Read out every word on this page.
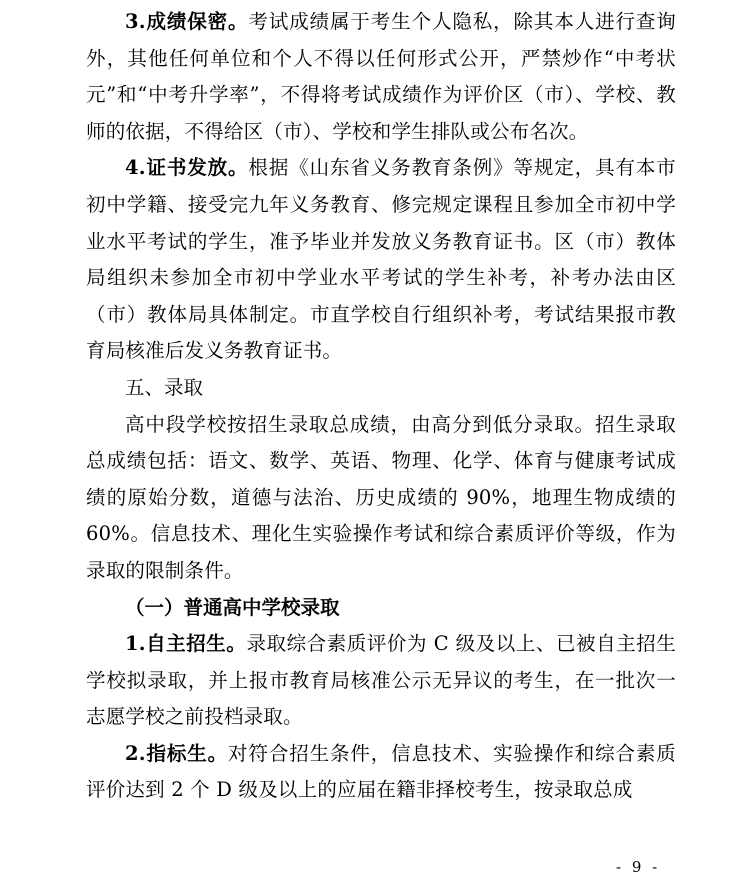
3.成绩保密。考试成绩属于考生个人隐私，除其本人进行查询外，其他任何单位和个人不得以任何形式公开，严禁炒作“中考状元”和“中考升学率”，不得将考试成绩作为评价区（市）、学校、教师的依据，不得给区（市）、学校和学生排队或公布名次。

4.证书发放。根据《山东省义务教育条例》等规定，具有本市初中学籍、接受完九年义务教育、修完规定课程且参加全市初中学业水平考试的学生，准予毕业并发放义务教育证书。区（市）教体局组织未参加全市初中学业水平考试的学生补考，补考办法由区（市）教体局具体制定。市直学校自行组织补考，考试结果报市教育局核准后发义务教育证书。

五、录取

高中段学校按招生录取总成绩，由高分到低分录取。招生录取总成绩包括：语文、数学、英语、物理、化学、体育与健康考试成绩的原始分数，道德与法治、历史成绩的 90%，地理生物成绩的 60%。信息技术、理化生实验操作考试和综合素质评价等级，作为录取的限制条件。

（一）普通高中学校录取

1.自主招生。录取综合素质评价为 C 级及以上、已被自主招生学校拟录取，并上报市教育局核准公示无异议的考生，在一批次一志愿学校之前投档录取。

2.指标生。对符合招生条件，信息技术、实验操作和综合素质评价达到 2 个 D 级及以上的应届在籍非择校考生，按录取总成

- 9 -
